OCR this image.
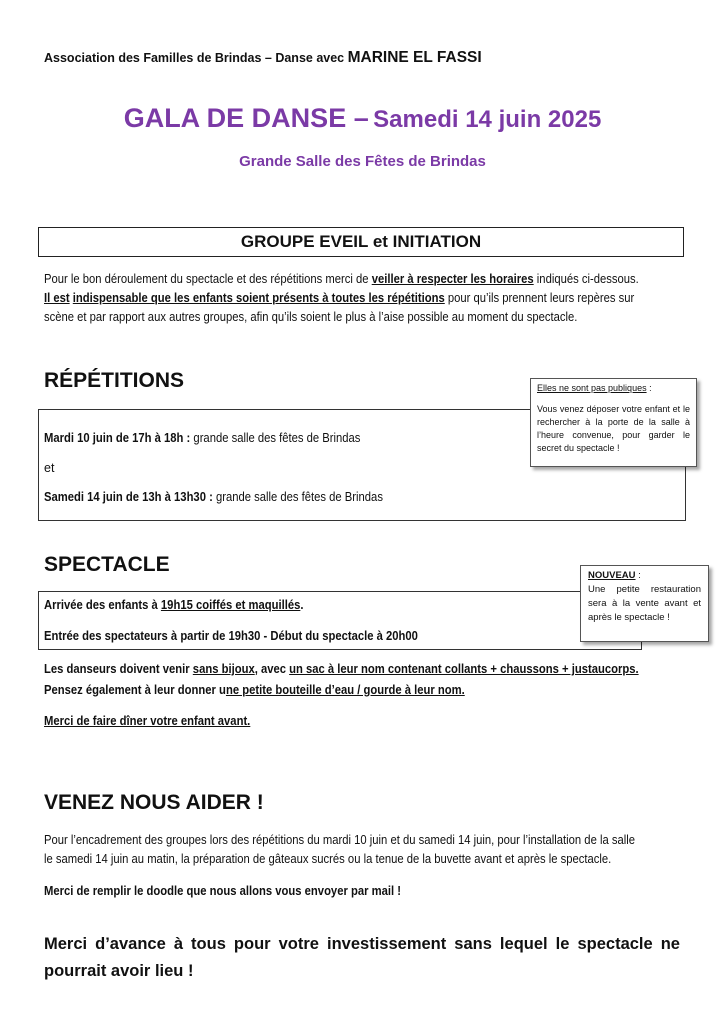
Association des Familles de Brindas – Danse avec MARINE EL FASSI
GALA DE DANSE – Samedi 14 juin 2025
Grande Salle des Fêtes de Brindas
GROUPE EVEIL et INITIATION
Pour le bon déroulement du spectacle et des répétitions merci de veiller à respecter les horaires indiqués ci-dessous.
Il est indispensable que les enfants soient présents à toutes les répétitions pour qu’ils prennent leurs repères sur
scène et par rapport aux autres groupes, afin qu’ils soient le plus à l’aise possible au moment du spectacle.
RÉPÉTITIONS
Mardi 10 juin de 17h à 18h : grande salle des fêtes de Brindas
et
Samedi 14 juin de 13h à 13h30 : grande salle des fêtes de Brindas
Elles ne sont pas publiques :
Vous venez déposer votre enfant et le rechercher à la porte de la salle à l’heure convenue, pour garder le secret du spectacle !
SPECTACLE
Arrivée des enfants à 19h15 coiffés et maquillés.
Entrée des spectateurs à partir de 19h30 - Début du spectacle à 20h00
NOUVEAU :
Une petite restauration sera à la vente avant et après le spectacle !
Les danseurs doivent venir sans bijoux, avec un sac à leur nom contenant collants + chaussons + justaucorps.
Pensez également à leur donner une petite bouteille d’eau / gourde à leur nom.
Merci de faire dîner votre enfant avant.
VENEZ NOUS AIDER !
Pour l’encadrement des groupes lors des répétitions du mardi 10 juin et du samedi 14 juin, pour l’installation de la salle
le samedi 14 juin au matin, la préparation de gâteaux sucrés ou la tenue de la buvette avant et après le spectacle.
Merci de remplir le doodle que nous allons vous envoyer par mail !
Merci d’avance à tous pour votre investissement sans lequel le spectacle ne pourrait avoir lieu !
